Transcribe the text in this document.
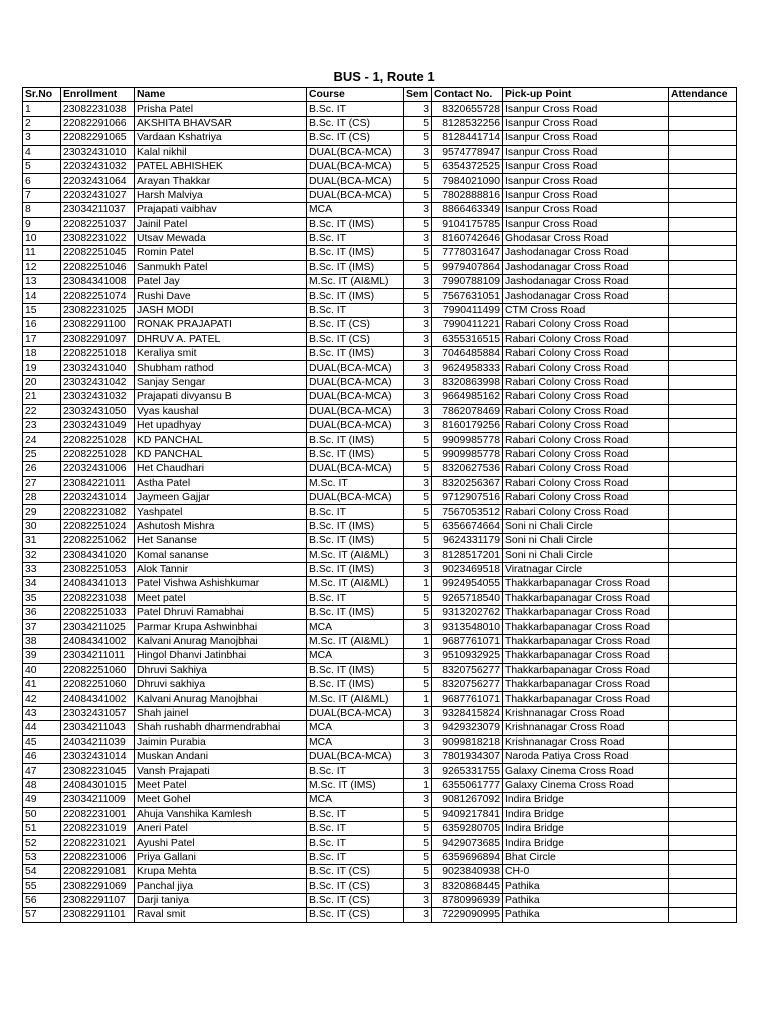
BUS - 1, Route 1
Sr.No	Enrollment	Name	Course	Sem	Contact No.	Pick-up Point	Attendance
1	23082231038	Prisha Patel	B.Sc. IT	3	8320655728	Isanpur Cross Road	
2	22082291066	AKSHITA BHAVSAR	B.Sc. IT (CS)	5	8128532256	Isanpur Cross Road	
3	22082291065	Vardaan Kshatriya	B.Sc. IT (CS)	5	8128441714	Isanpur Cross Road	
4	23032431010	Kalal nikhil	DUAL(BCA-MCA)	3	9574778947	Isanpur Cross Road	
5	22032431032	PATEL ABHISHEK	DUAL(BCA-MCA)	5	6354372525	Isanpur Cross Road	
6	22032431064	Arayan Thakkar	DUAL(BCA-MCA)	5	7984021090	Isanpur Cross Road	
7	22032431027	Harsh Malviya	DUAL(BCA-MCA)	5	7802888816	Isanpur Cross Road	
8	23034211037	Prajapati vaibhav	MCA	3	8866463349	Isanpur Cross Road	
9	22082251037	Jainil Patel	B.Sc. IT (IMS)	5	9104175785	Isanpur Cross Road	
10	23082231022	Utsav Mewada	B.Sc. IT	3	8160742646	Ghodasar Cross Road	
11	22082251045	Romin Patel	B.Sc. IT (IMS)	5	7778031647	Jashodanagar Cross Road	
12	22082251046	Sanmukh Patel	B.Sc. IT (IMS)	5	9979407864	Jashodanagar Cross Road	
13	23084341008	Patel Jay	M.Sc. IT (AI&ML)	3	7990788109	Jashodanagar Cross Road	
14	22082251074	Rushi Dave	B.Sc. IT (IMS)	5	7567631051	Jashodanagar Cross Road	
15	23082231025	JASH MODI	B.Sc. IT	3	7990411499	CTM Cross Road	
16	23082291100	RONAK PRAJAPATI	B.Sc. IT (CS)	3	7990411221	Rabari Colony Cross Road	
17	23082291097	DHRUV A. PATEL	B.Sc. IT (CS)	3	6355316515	Rabari Colony Cross Road	
18	22082251018	Keraliya smit	B.Sc. IT (IMS)	3	7046485884	Rabari Colony Cross Road	
19	23032431040	Shubham rathod	DUAL(BCA-MCA)	3	9624958333	Rabari Colony Cross Road	
20	23032431042	Sanjay Sengar	DUAL(BCA-MCA)	3	8320863998	Rabari Colony Cross Road	
21	23032431032	Prajapati divyansu B	DUAL(BCA-MCA)	3	9664985162	Rabari Colony Cross Road	
22	23032431050	Vyas kaushal	DUAL(BCA-MCA)	3	7862078469	Rabari Colony Cross Road	
23	23032431049	Het upadhyay	DUAL(BCA-MCA)	3	8160179256	Rabari Colony Cross Road	
24	22082251028	KD PANCHAL	B.Sc. IT (IMS)	5	9909985778	Rabari Colony Cross Road	
25	22082251028	KD PANCHAL	B.Sc. IT (IMS)	5	9909985778	Rabari Colony Cross Road	
26	22032431006	Het Chaudhari	DUAL(BCA-MCA)	5	8320627536	Rabari Colony Cross Road	
27	23084221011	Astha Patel	M.Sc. IT	3	8320256367	Rabari Colony Cross Road	
28	22032431014	Jaymeen Gajjar	DUAL(BCA-MCA)	5	9712907516	Rabari Colony Cross Road	
29	22082231082	Yashpatel	B.Sc. IT	5	7567053512	Rabari Colony Cross Road	
30	22082251024	Ashutosh Mishra	B.Sc. IT (IMS)	5	6356674664	Soni ni Chali Circle	
31	22082251062	Het Sananse	B.Sc. IT (IMS)	5	9624331179	Soni ni Chali Circle	
32	23084341020	Komal sananse	M.Sc. IT (AI&ML)	3	8128517201	Soni ni Chali Circle	
33	23082251053	Alok Tannir	B.Sc. IT (IMS)	3	9023469518	Viratnagar Circle	
34	24084341013	Patel Vishwa Ashishkumar	M.Sc. IT (AI&ML)	1	9924954055	Thakkarbapanagar Cross Road	
35	22082231038	Meet patel	B.Sc. IT	5	9265718540	Thakkarbapanagar Cross Road	
36	22082251033	Patel Dhruvi Ramabhai	B.Sc. IT (IMS)	5	9313202762	Thakkarbapanagar Cross Road	
37	23034211025	Parmar Krupa Ashwinbhai	MCA	3	9313548010	Thakkarbapanagar Cross Road	
38	24084341002	Kalvani Anurag Manojbhai	M.Sc. IT (AI&ML)	1	9687761071	Thakkarbapanagar Cross Road	
39	23034211011	Hingol Dhanvi Jatinbhai	MCA	3	9510932925	Thakkarbapanagar Cross Road	
40	22082251060	Dhruvi Sakhiya	B.Sc. IT (IMS)	5	8320756277	Thakkarbapanagar Cross Road	
41	22082251060	Dhruvi sakhiya	B.Sc. IT (IMS)	5	8320756277	Thakkarbapanagar Cross Road	
42	24084341002	Kalvani Anurag Manojbhai	M.Sc. IT (AI&ML)	1	9687761071	Thakkarbapanagar Cross Road	
43	23032431057	Shah jainel	DUAL(BCA-MCA)	3	9328415824	Krishnanagar Cross Road	
44	23034211043	Shah rushabh dharmendrabhai	MCA	3	9429323079	Krishnanagar Cross Road	
45	24034211039	Jaimin Purabia	MCA	3	9099818218	Krishnanagar Cross Road	
46	23032431014	Muskan Andani	DUAL(BCA-MCA)	3	7801934307	Naroda Patiya Cross Road	
47	23082231045	Vansh Prajapati	B.Sc. IT	3	9265331755	Galaxy Cinema Cross Road	
48	24084301015	Meet Patel	M.Sc. IT (IMS)	1	6355061777	Galaxy Cinema Cross Road	
49	23034211009	Meet Gohel	MCA	3	9081267092	Indira Bridge	
50	22082231001	Ahuja Vanshika Kamlesh	B.Sc. IT	5	9409217841	Indira Bridge	
51	22082231019	Aneri Patel	B.Sc. IT	5	6359280705	Indira Bridge	
52	22082231021	Ayushi Patel	B.Sc. IT	5	9429073685	Indira Bridge	
53	22082231006	Priya Gallani	B.Sc. IT	5	6359696894	Bhat Circle	
54	22082291081	Krupa Mehta	B.Sc. IT (CS)	5	9023840938	CH-0	
55	23082291069	Panchal jiya	B.Sc. IT (CS)	3	8320868445	Pathika	
56	23082291107	Darji taniya	B.Sc. IT (CS)	3	8780996939	Pathika	
57	23082291101	Raval smit	B.Sc. IT (CS)	3	7229090995	Pathika	
